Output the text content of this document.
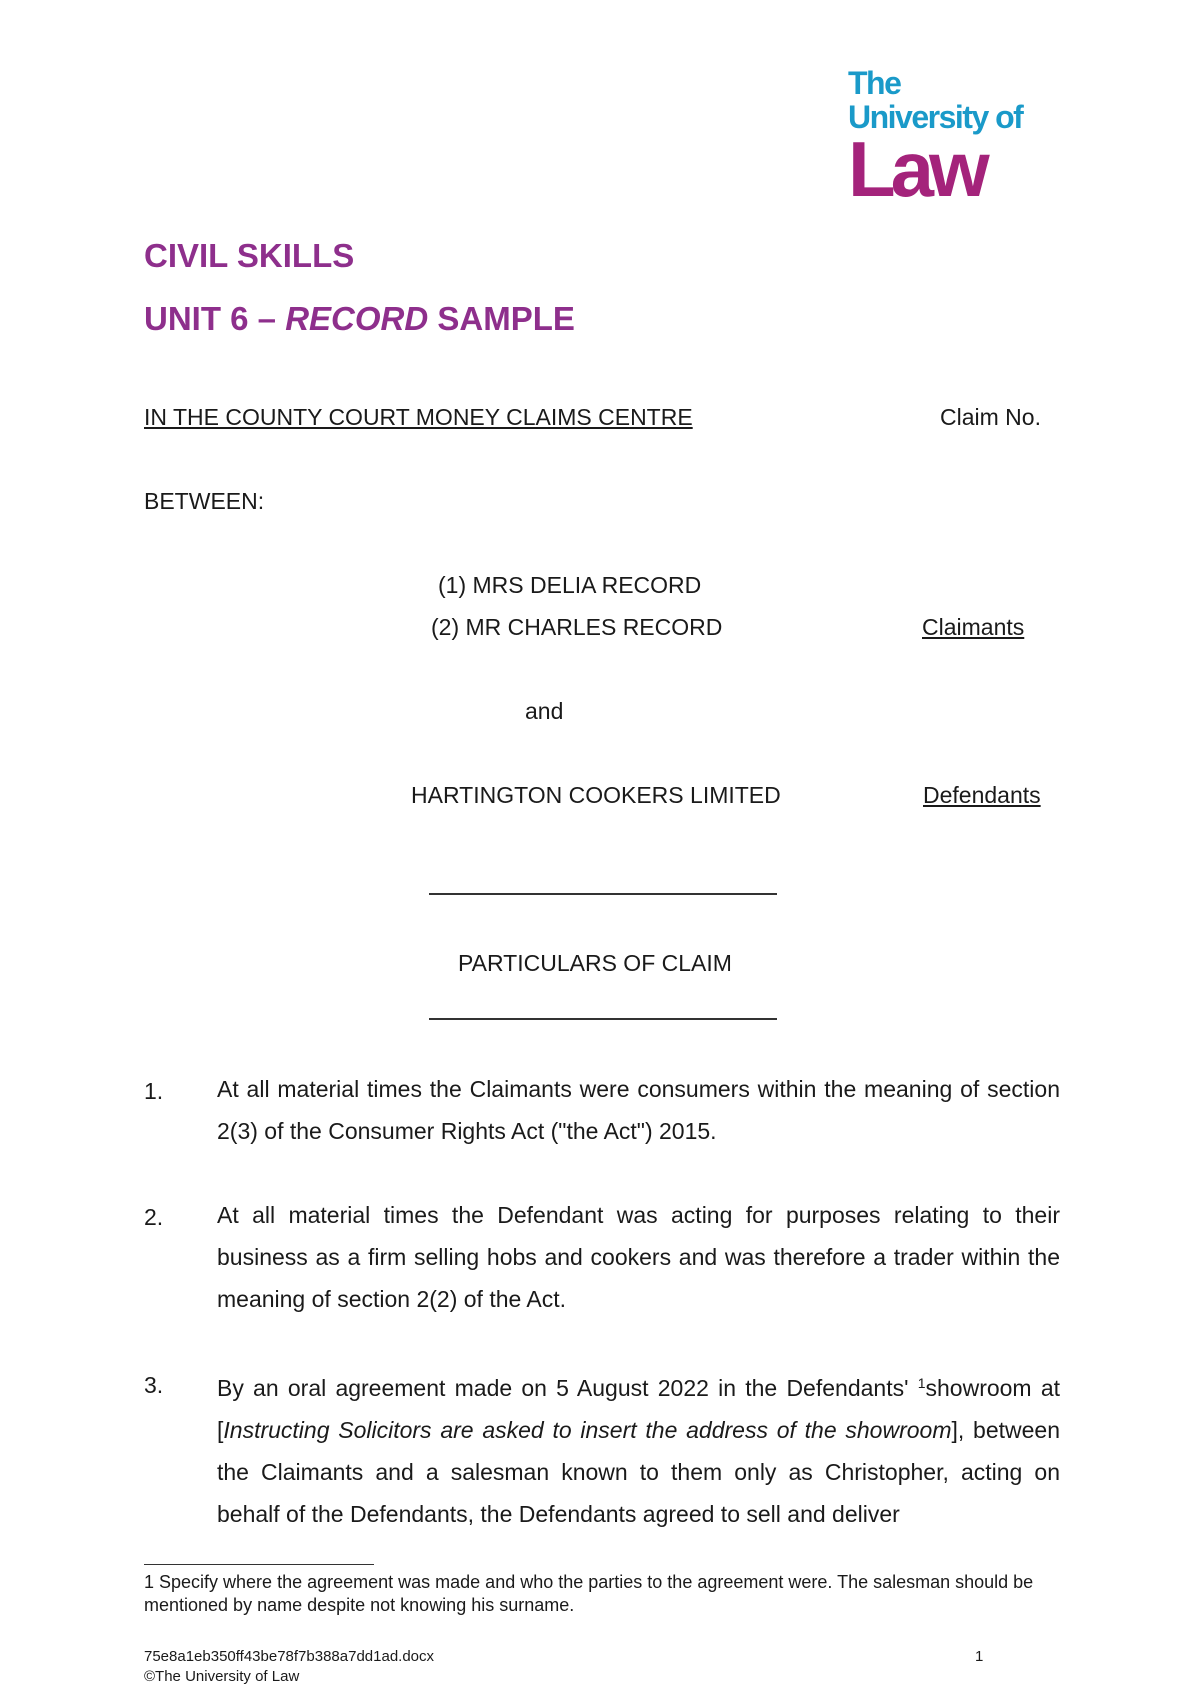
The
University of
Law
CIVIL SKILLS
UNIT 6 – RECORD SAMPLE
IN THE COUNTY COURT MONEY CLAIMS CENTRE	Claim No.
BETWEEN:
(1) MRS DELIA RECORD
(2) MR CHARLES RECORD	Claimants
and
HARTINGTON COOKERS LIMITED	Defendants
PARTICULARS OF CLAIM
1. At all material times the Claimants were consumers within the meaning of section 2(3) of the Consumer Rights Act ("the Act") 2015.
2. At all material times the Defendant was acting for purposes relating to their business as a firm selling hobs and cookers and was therefore a trader within the meaning of section 2(2) of the Act.
3. By an oral agreement made on 5 August 2022 in the Defendants' $^1$showroom at [Instructing Solicitors are asked to insert the address of the showroom], between the Claimants and a salesman known to them only as Christopher, acting on behalf of the Defendants, the Defendants agreed to sell and deliver
1 Specify where the agreement was made and who the parties to the agreement were. The salesman should be mentioned by name despite not knowing his surname.
75e8a1eb350ff43be78f7b388a7dd1ad.docx
©The University of Law
1
